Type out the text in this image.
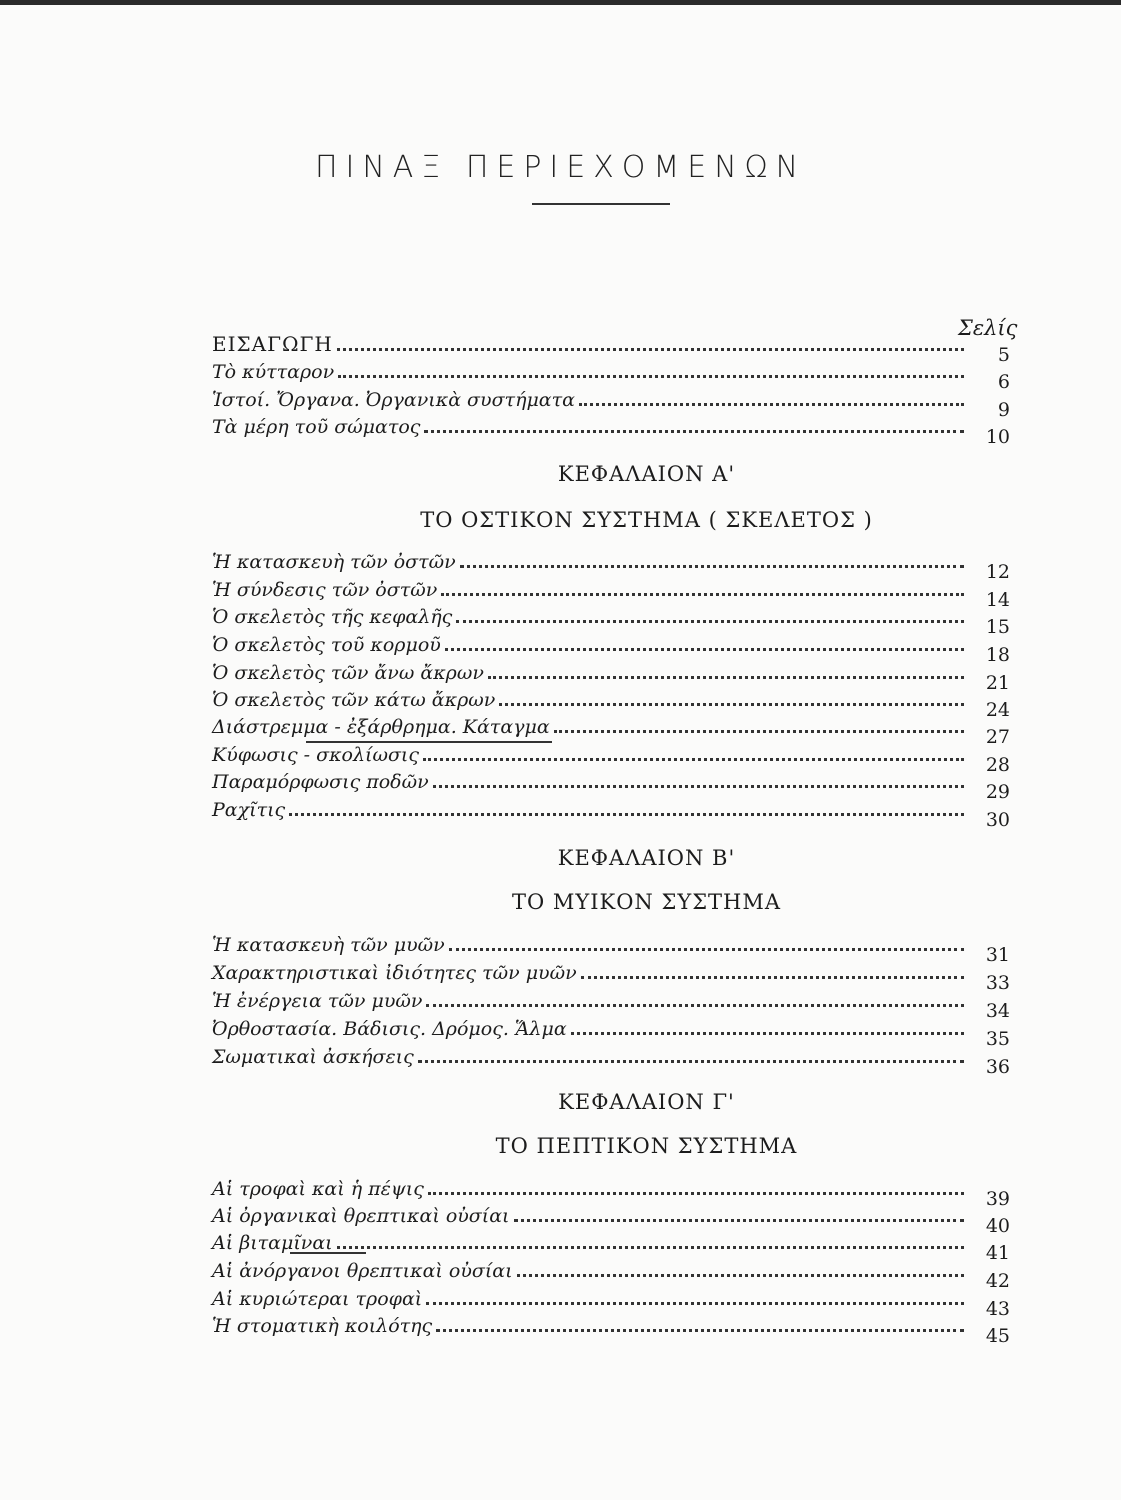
ΠΙΝΑΞ ΠΕΡΙΕΧΟΜΕΝΩΝ
Σελίς
ΕΙΣΑΓΩΓΗ	5
Τὸ κύτταρον	6
Ἱστοί. Ὄργανα. Ὀργανικὰ συστήματα	9
Τὰ μέρη τοῦ σώματος	10
ΚΕΦΑΛΑΙΟΝ Α'
ΤΟ ΟΣΤΙΚΟΝ ΣΥΣΤΗΜΑ ( ΣΚΕΛΕΤΟΣ )
Ἡ κατασκευὴ τῶν ὀστῶν	12
Ἡ σύνδεσις τῶν ὀστῶν	14
Ὁ σκελετὸς τῆς κεφαλῆς	15
Ὁ σκελετὸς τοῦ κορμοῦ	18
Ὁ σκελετὸς τῶν ἄνω ἄκρων	21
Ὁ σκελετὸς τῶν κάτω ἄκρων	24
Διάστρεμμα - ἐξάρθρημα. Κάταγμα	27
Κύφωσις - σκολίωσις	28
Παραμόρφωσις ποδῶν	29
Ραχῖτις	30
ΚΕΦΑΛΑΙΟΝ Β'
ΤΟ ΜΥΙΚΟΝ ΣΥΣΤΗΜΑ
Ἡ κατασκευὴ τῶν μυῶν	31
Χαρακτηριστικαὶ ἰδιότητες τῶν μυῶν	33
Ἡ ἐνέργεια τῶν μυῶν	34
Ὀρθοστασία. Βάδισις. Δρόμος. Ἅλμα	35
Σωματικαὶ ἀσκήσεις	36
ΚΕΦΑΛΑΙΟΝ Γ'
ΤΟ ΠΕΠΤΙΚΟΝ ΣΥΣΤΗΜΑ
Αἱ τροφαὶ καὶ ἡ πέψις	39
Αἱ ὀργανικαὶ θρεπτικαὶ οὐσίαι	40
Αἱ βιταμῖναι	41
Αἱ ἀνόργανοι θρεπτικαὶ οὐσίαι	42
Αἱ κυριώτεραι τροφαὶ	43
Ἡ στοματικὴ κοιλότης	45
